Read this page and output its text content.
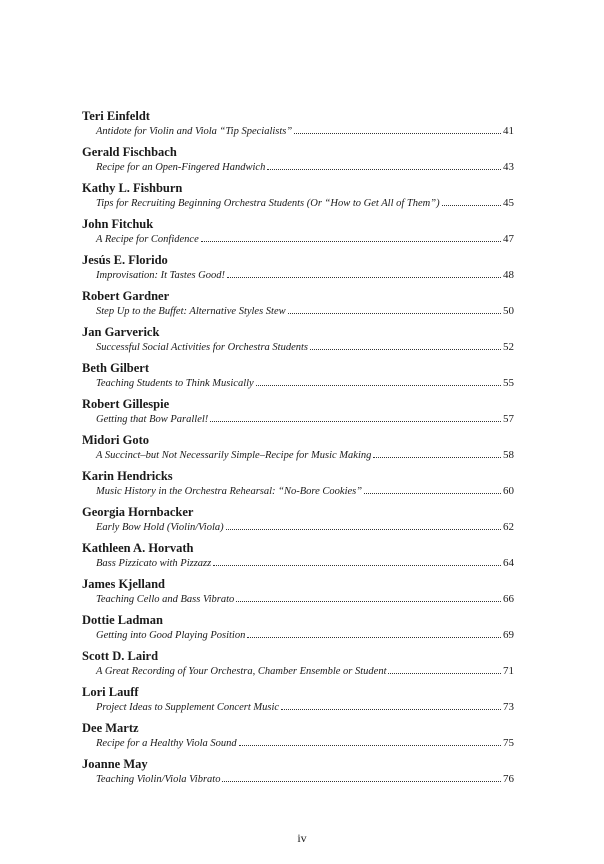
Teri Einfeldt
Antidote for Violin and Viola “Tip Specialists”	41
Gerald Fischbach
Recipe for an Open-Fingered Handwich	43
Kathy L. Fishburn
Tips for Recruiting Beginning Orchestra Students (Or “How to Get All of Them”)	45
John Fitchuk
A Recipe for Confidence	47
Jesús E. Florido
Improvisation: It Tastes Good!	48
Robert Gardner
Step Up to the Buffet: Alternative Styles Stew	50
Jan Garverick
Successful Social Activities for Orchestra Students	52
Beth Gilbert
Teaching Students to Think Musically	55
Robert Gillespie
Getting that Bow Parallel!	57
Midori Goto
A Succinct–but Not Necessarily Simple–Recipe for Music Making	58
Karin Hendricks
Music History in the Orchestra Rehearsal: “No-Bore Cookies”	60
Georgia Hornbacker
Early Bow Hold (Violin/Viola)	62
Kathleen A. Horvath
Bass Pizzicato with Pizzazz	64
James Kjelland
Teaching Cello and Bass Vibrato	66
Dottie Ladman
Getting into Good Playing Position	69
Scott D. Laird
A Great Recording of Your Orchestra, Chamber Ensemble or Student	71
Lori Lauff
Project Ideas to Supplement Concert Music	73
Dee Martz
Recipe for a Healthy Viola Sound	75
Joanne May
Teaching Violin/Viola Vibrato	76
iv
